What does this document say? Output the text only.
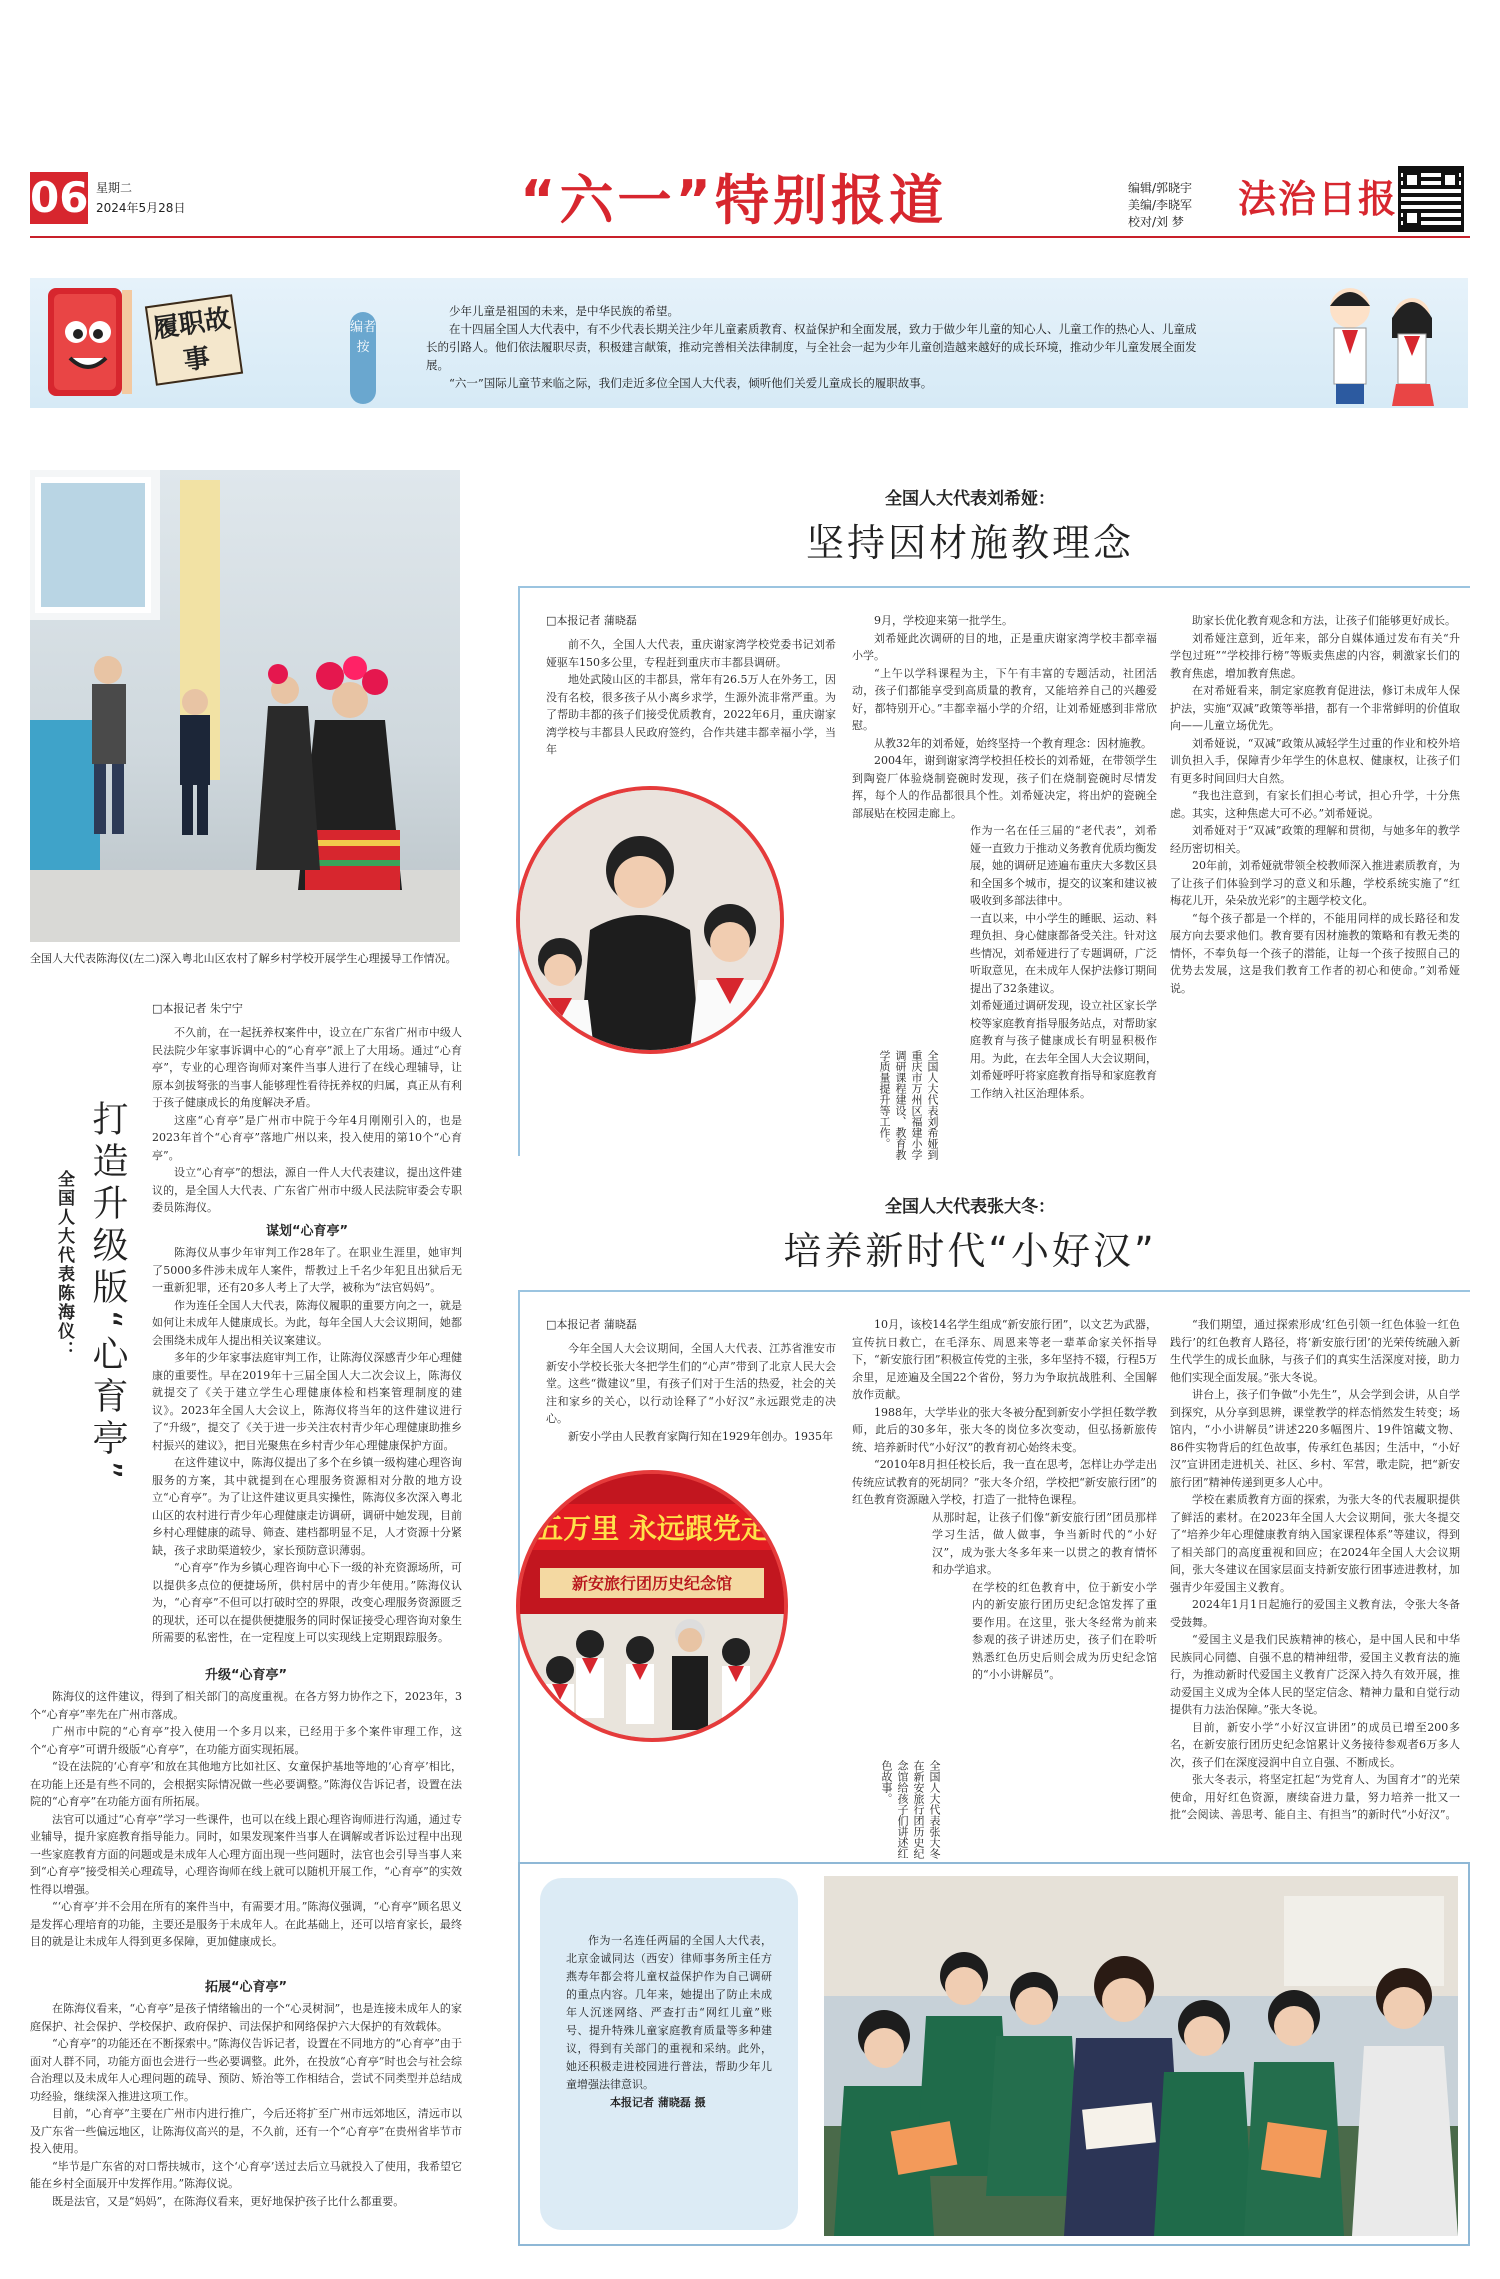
06 星期二
2024年5月28日	“六一”特别报道	编辑/郭晓宇
美编/李晓军
校对/刘 梦
法治日报
履职故事
编者按
少年儿童是祖国的未来，是中华民族的希望。
在十四届全国人大代表中，有不少代表长期关注少年儿童素质教育、权益保护和全面发展，致力于做少年儿童的知心人、儿童工作的热心人、儿童成长的引路人。他们依法履职尽责，积极建言献策，推动完善相关法律制度，与全社会一起为少年儿童创造越来越好的成长环境，推动少年儿童发展全面发展。
“六一”国际儿童节来临之际，我们走近多位全国人大代表，倾听他们关爱儿童成长的履职故事。
全国人大代表陈海仪(左二)深入粤北山区农村了解乡村学校开展学生心理援导工作情况。
□本报记者 朱宁宁

不久前，在一起抚养权案件中，设立在广东省广州市中级人民法院少年家事诉调中心的“心育亭”派上了大用场。通过“心育亭”，专业的心理咨询师对案件当事人进行了在线心理辅导，让原本剑拔弩张的当事人能够理性看待抚养权的归属，真正从有利于孩子健康成长的角度解决矛盾。

这座“心育亭”是广州市中院于今年4月刚刚引入的，也是2023年首个“心育亭”落地广州以来，投入使用的第10个“心育亭”。

设立“心育亭”的想法，源自一件人大代表建议，提出这件建议的，是全国人大代表、广东省广州市中级人民法院审委会专职委员陈海仪。

打造升级版“心育亭”
全国人大代表陈海仪：	谋划“心育亭”

陈海仪从事少年审判工作28年了。在职业生涯里，她审判了5000多件涉未成年人案件，帮教过上千名少年犯且出狱后无一重新犯罪，还有20多人考上了大学，被称为“法官妈妈”。

作为连任全国人大代表，陈海仪履职的重要方向之一，就是如何让未成年人健康成长。为此，每年全国人大会议期间，她都会围绕未成年人提出相关议案建议。

多年的少年家事法庭审判工作，让陈海仪深感青少年心理健康的重要性。早在2019年十三届全国人大二次会议上，陈海仪就提交了《关于建立学生心理健康体检和档案管理制度的建议》。2023年全国人大会议上，陈海仪将当年的这件建议进行了“升级”，提交了《关于进一步关注农村青少年心理健康助推乡村振兴的建议》，把目光聚焦在乡村青少年心理健康保护方面。

在这件建议中，陈海仪提出了多个在乡镇一级构建心理咨询服务的方案，其中就提到在心理服务资源相对分散的地方设立“心育亭”。为了让这件建议更具实操性，陈海仪多次深入粤北山区的农村进行青少年心理健康走访调研，调研中她发现，目前乡村心理健康的疏导、筛查、建档都明显不足，人才资源十分紧缺，孩子求助渠道较少，家长预防意识薄弱。

“心育亭”作为乡镇心理咨询中心下一级的补充资源场所，可以提供多点位的便捷场所，供村居中的青少年使用。”陈海仪认为，“心育亭”不但可以打破时空的界限，改变心理服务资源匮乏的现状，还可以在提供便捷服务的同时保证接受心理咨询对象生所需要的私密性，在一定程度上可以实现线上定期跟踪服务。

升级“心育亭”

陈海仪的这件建议，得到了相关部门的高度重视。在各方努力协作之下，2023年，3个“心育亭”率先在广州市落成。

广州市中院的“心育亭”投入使用一个多月以来，已经用于多个案件审理工作，这个“心育亭”可谓升级版“心育亭”，在功能方面实现拓展。

“设在法院的‘心育亭’和放在其他地方比如社区、女童保护基地等地的‘心育亭’相比，在功能上还是有些不同的，会根据实际情况做一些必要调整。”陈海仪告诉记者，设置在法院的“心育亭”在功能方面有所拓展。

法官可以通过“心育亭”学习一些课件，也可以在线上跟心理咨询师进行沟通，通过专业辅导，提升家庭教育指导能力。同时，如果发现案件当事人在调解或者诉讼过程中出现一些家庭教育方面的问题或是未成年人心理方面出现一些问题时，法官也会引导当事人来到“心育亭”接受相关心理疏导，心理咨询师在线上就可以随机开展工作，“心育亭”的实效性得以增强。

“‘心育亭’并不会用在所有的案件当中，有需要才用。”陈海仪强调，“心育亭”顾名思义是发挥心理培育的功能，主要还是服务于未成年人。在此基础上，还可以培育家长，最终目的就是让未成年人得到更多保障，更加健康成长。

拓展“心育亭”

在陈海仪看来，“心育亭”是孩子情绪输出的一个“心灵树洞”，也是连接未成年人的家庭保护、社会保护、学校保护、政府保护、司法保护和网络保护六大保护的有效载体。

“心育亭”的功能还在不断探索中。”陈海仪告诉记者，设置在不同地方的“心育亭”由于面对人群不同，功能方面也会进行一些必要调整。此外，在投放“心育亭”时也会与社会综合治理以及未成年人心理问题的疏导、预防、矫治等工作相结合，尝试不同类型并总结成功经验，继续深入推进这项工作。

目前，“心育亭”主要在广州市内进行推广，今后还将扩至广州市远郊地区，清远市以及广东省一些偏远地区，让陈海仪高兴的是，不久前，还有一个“心育亭”在贵州省毕节市投入使用。

“毕节是广东省的对口帮扶城市，这个‘心育亭’送过去后立马就投入了使用，我希望它能在乡村全面展开中发挥作用。”陈海仪说。

既是法官，又是“妈妈”，在陈海仪看来，更好地保护孩子比什么都重要。

全国人大代表刘希娅：
坚持因材施教理念
□本报记者 蒲晓磊

前不久，全国人大代表，重庆谢家湾学校党委书记刘希娅驱车150多公里，专程赶到重庆市丰都县调研。

地处武陵山区的丰都县，常年有26.5万人在外务工，因没有名校，很多孩子从小离乡求学，生源外流非常严重。为了帮助丰都的孩子们接受优质教育，2022年6月，重庆谢家湾学校与丰都县人民政府签约，合作共建丰都幸福小学，当年

9月，学校迎来第一批学生。

刘希娅此次调研的目的地，正是重庆谢家湾学校丰都幸福小学。

“上午以学科课程为主，下午有丰富的专题活动，社团活动，孩子们都能享受到高质量的教育，又能培养自己的兴趣爱好，都特别开心。”丰都幸福小学的介绍，让刘希娅感到非常欣慰。

从教32年的刘希娅，始终坚持一个教育理念：因材施教。

2004年，谢到谢家湾学校担任校长的刘希娅，在带领学生到陶瓷厂体验烧制瓷碗时发现，孩子们在烧制瓷碗时尽情发挥，每个人的作品都很具个性。刘希娅决定，将出炉的瓷碗全部展贴在校园走廊上。

作为一名在任三届的“老代表”，刘希娅一直致力于推动义务教育优质均衡发展，她的调研足迹遍布重庆大多数区县和全国多个城市，提交的议案和建议被吸收到多部法律中。

一直以来，中小学生的睡眠、运动、料理负担、身心健康都备受关注。针对这些情况，刘希娅进行了专题调研，广泛听取意见，在未成年人保护法修订期间提出了32条建议。

刘希娅通过调研发现，设立社区家长学校等家庭教育指导服务站点，对帮助家庭教育与孩子健康成长有明显积极作用。为此，在去年全国人大会议期间，刘希娅呼吁将家庭教育指导和家庭教育工作纳入社区治理体系。

全国人大代表刘希娅到重庆市万州区福建小学调研课程建设、教育教学质量提升等工作。

助家长优化教育观念和方法，让孩子们能够更好成长。

刘希娅注意到，近年来，部分自媒体通过发布有关“升学包过班”“学校排行榜”等贩卖焦虑的内容，刺激家长们的教育焦虑，增加教育焦虑。

在对希娅看来，制定家庭教育促进法，修订未成年人保护法，实施“双减”政策等举措，都有一个非常鲜明的价值取向——儿童立场优先。

刘希娅说，“双减”政策从减轻学生过重的作业和校外培训负担入手，保障青少年学生的休息权、健康权，让孩子们有更多时间回归大自然。

“我也注意到，有家长们担心考试，担心升学，十分焦虑。其实，这种焦虑大可不必。”刘希娅说。

刘希娅对于“双减”政策的理解和贯彻，与她多年的教学经历密切相关。

20年前，刘希娅就带领全校教师深入推进素质教育，为了让孩子们体验到学习的意义和乐趣，学校系统实施了“红梅花儿开，朵朵放光彩”的主题学校文化。

“每个孩子都是一个样的，不能用同样的成长路径和发展方向去要求他们。教育要有因材施教的策略和有教无类的情怀，不奉负每一个孩子的潜能，让每一个孩子按照自己的优势去发展，这是我们教育工作者的初心和使命。”刘希娅说。

全国人大代表张大冬：
培养新时代“小好汉”
□本报记者 蒲晓磊

今年全国人大会议期间，全国人大代表、江苏省淮安市新安小学校长张大冬把学生们的“心声”带到了北京人民大会堂。这些“微建议”里，有孩子们对于生活的热爱，社会的关注和家乡的关心，以行动诠释了“小好汉”永远跟党走的决心。

新安小学由人民教育家陶行知在1929年创办。1935年

五万里 永远跟党走
新安旅行团历史纪念馆

10月，该校14名学生组成“新安旅行团”，以文艺为武器，宣传抗日救亡，在毛泽东、周恩来等老一辈革命家关怀指导下，“新安旅行团”积极宣传党的主张，多年坚持不辍，行程5万余里，足迹遍及全国22个省份，努力为争取抗战胜利、全国解放作贡献。

1988年，大学毕业的张大冬被分配到新安小学担任数学教师，此后的30多年，张大冬的岗位多次变动，但弘扬新旅传统、培养新时代“小好汉”的教育初心始终未变。

“2010年8月担任校长后，我一直在思考，怎样让办学走出传统应试教育的死胡同？”张大冬介绍，学校把“新安旅行团”的红色教育资源融入学校，打造了一批特色课程。

从那时起，让孩子们像“新安旅行团”团员那样学习生活，做人做事，争当新时代的“小好汉”，成为张大冬多年来一以贯之的教育情怀和办学追求。

在学校的红色教育中，位于新安小学内的新安旅行团历史纪念馆发挥了重要作用。在这里，张大冬经常为前来参观的孩子讲述历史，孩子们在聆听熟悉红色历史后则会成为历史纪念馆的“小小讲解员”。

全国人大代表张大冬在新安旅行团历史纪念馆给孩子们讲述红色故事。

“我们期望，通过探索形成‘红色引领一红色体验一红色践行’的红色教育人路径，将‘新安旅行团’的光荣传统融入新生代学生的成长血脉，与孩子们的真实生活深度对接，助力他们实现全面发展。”张大冬说。

讲台上，孩子们争做“小先生”，从会学到会讲，从自学到探究，从分享到思辨，课堂教学的样态悄然发生转变；场馆内，“小小讲解员”讲述220多幅图片、19件馆藏文物、86件实物背后的红色故事，传承红色基因；生活中，“小好汉”宣讲团走进机关、社区、乡村、军营，歌走院，把“新安旅行团”精神传递到更多人心中。

学校在素质教育方面的探索，为张大冬的代表履职提供了鲜活的素材。在2023年全国人大会议期间，张大冬提交了“培养少年心理健康教育纳入国家课程体系”等建议，得到了相关部门的高度重视和回应；在2024年全国人大会议期间，张大冬建议在国家层面支持新安旅行团事迹进教材，加强青少年爱国主义教育。

2024年1月1日起施行的爱国主义教育法，令张大冬备受鼓舞。

“爱国主义是我们民族精神的核心，是中国人民和中华民族同心同德、自强不息的精神纽带，爱国主义教育法的施行，为推动新时代爱国主义教育广泛深入持久有效开展，推动爱国主义成为全体人民的坚定信念、精神力量和自觉行动提供有力法治保障。”张大冬说。

目前，新安小学“小好汉宣讲团”的成员已增至200多名，在新安旅行团历史纪念馆累计义务接待参观者6万多人次，孩子们在深度浸润中自立自强、不断成长。

张大冬表示，将坚定扛起“为党育人、为国育才”的光荣使命，用好红色资源，赓续奋进力量，努力培养一批又一批“会阅读、善思考、能自主、有担当”的新时代“小好汉”。

作为一名连任两届的全国人大代表，北京金诚同达（西安）律师事务所主任方燕寿年都会将儿童权益保护作为自己调研的重点内容。几年来，她提出了防止未成年人沉迷网络、严查打击“网红儿童”账号、提升特殊儿童家庭教育质量等多种建议，得到有关部门的重视和采纳。此外，她还积极走进校园进行普法，帮助少年儿童增强法律意识。

本报记者 蒲晓磊 摄
